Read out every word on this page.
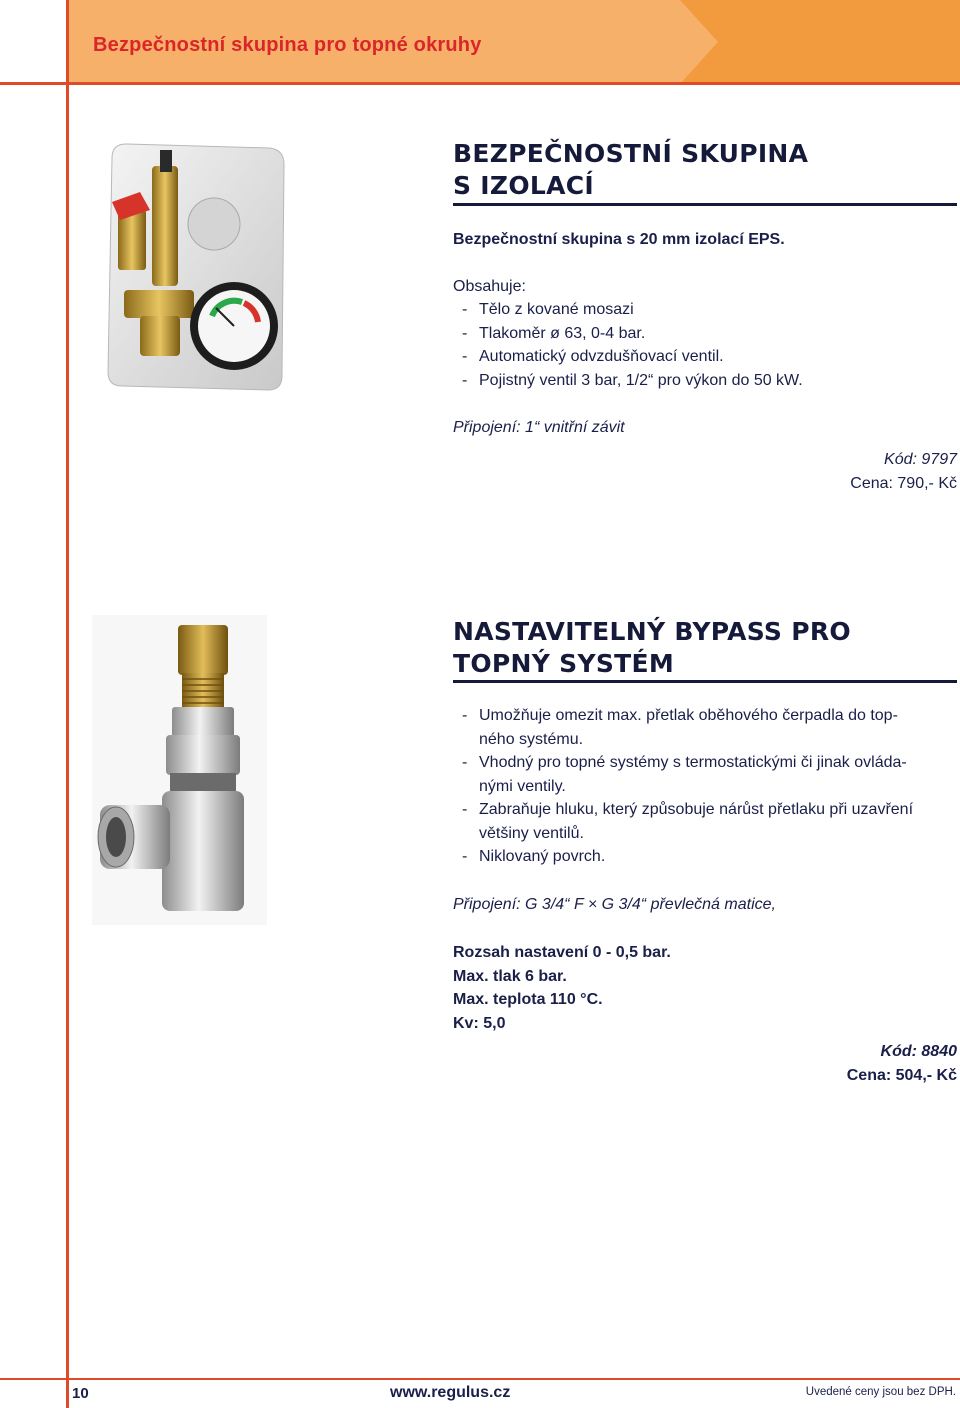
Bezpečnostní skupina pro topné okruhy
BEZPEČNOSTNÍ SKUPINA
S IZOLACÍ
Bezpečnostní skupina s 20 mm izolací EPS.
Obsahuje:
- Tělo z kované mosazi
- Tlakoměr ø 63, 0-4 bar.
- Automatický odvzdušňovací ventil.
- Pojistný ventil 3 bar, 1/2“ pro výkon do 50 kW.
Připojení: 1“ vnitřní závit
Kód: 9797
Cena: 790,- Kč
NASTAVITELNÝ BYPASS PRO
TOPNÝ SYSTÉM
- Umožňuje omezit max. přetlak oběhového čerpadla do top-
ného systému.
- Vhodný pro topné systémy s termostatickými či jinak ovláda-
nými ventily.
- Zabraňuje hluku, který způsobuje nárůst přetlaku při uzavření
většiny ventilů.
- Niklovaný povrch.
Připojení: G 3/4“ F × G 3/4“ převlečná matice,
Rozsah nastavení 0 - 0,5 bar.
Max. tlak 6 bar.
Max. teplota 110 °C.
Kv: 5,0
Kód: 8840
Cena: 504,- Kč
10	www.regulus.cz	Uvedené ceny jsou bez DPH.
